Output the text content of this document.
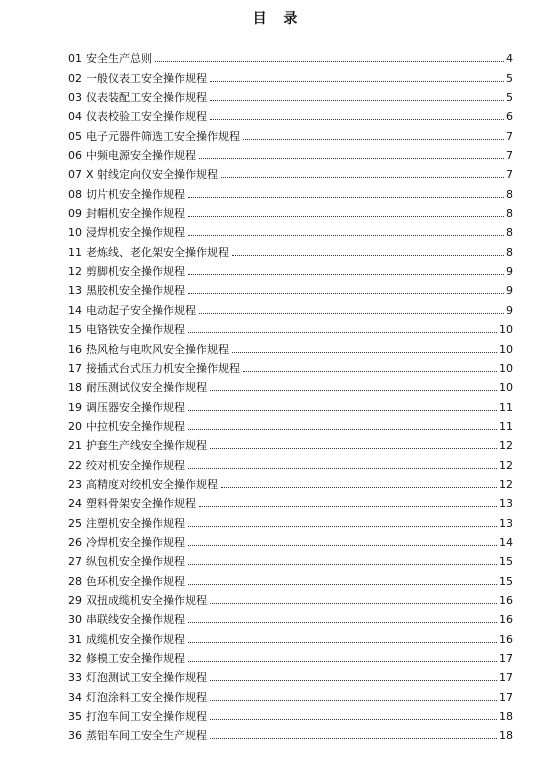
目 录
01 安全生产总则	4
02 一般仪表工安全操作规程	5
03 仪表装配工安全操作规程	5
04 仪表校验工安全操作规程	6
05 电子元器件筛选工安全操作规程	7
06 中频电源安全操作规程	7
07 X 射线定向仪安全操作规程	7
08 切片机安全操作规程	8
09 封帽机安全操作规程	8
10 浸焊机安全操作规程	8
11 老炼线、老化架安全操作规程	8
12 剪脚机安全操作规程	9
13 黑胶机安全操作规程	9
14 电动起子安全操作规程	9
15 电铬铁安全操作规程	10
16 热风枪与电吹风安全操作规程	10
17 接插式台式压力机安全操作规程	10
18 耐压测试仪安全操作规程	10
19 调压器安全操作规程	11
20 中拉机安全操作规程	11
21 护套生产线安全操作规程	12
22 绞对机安全操作规程	12
23 高精度对绞机安全操作规程	12
24 塑料骨架安全操作规程	13
25 注塑机安全操作规程	13
26 冷焊机安全操作规程	14
27 纵包机安全操作规程	15
28 色环机安全操作规程	15
29 双扭成缆机安全操作规程	16
30 串联线安全操作规程	16
31 成缆机安全操作规程	16
32 修模工安全操作规程	17
33 灯泡测试工安全操作规程	17
34 灯泡涂料工安全操作规程	17
35 打泡车间工安全操作规程	18
36 蒸铝车间工安全生产规程	18
